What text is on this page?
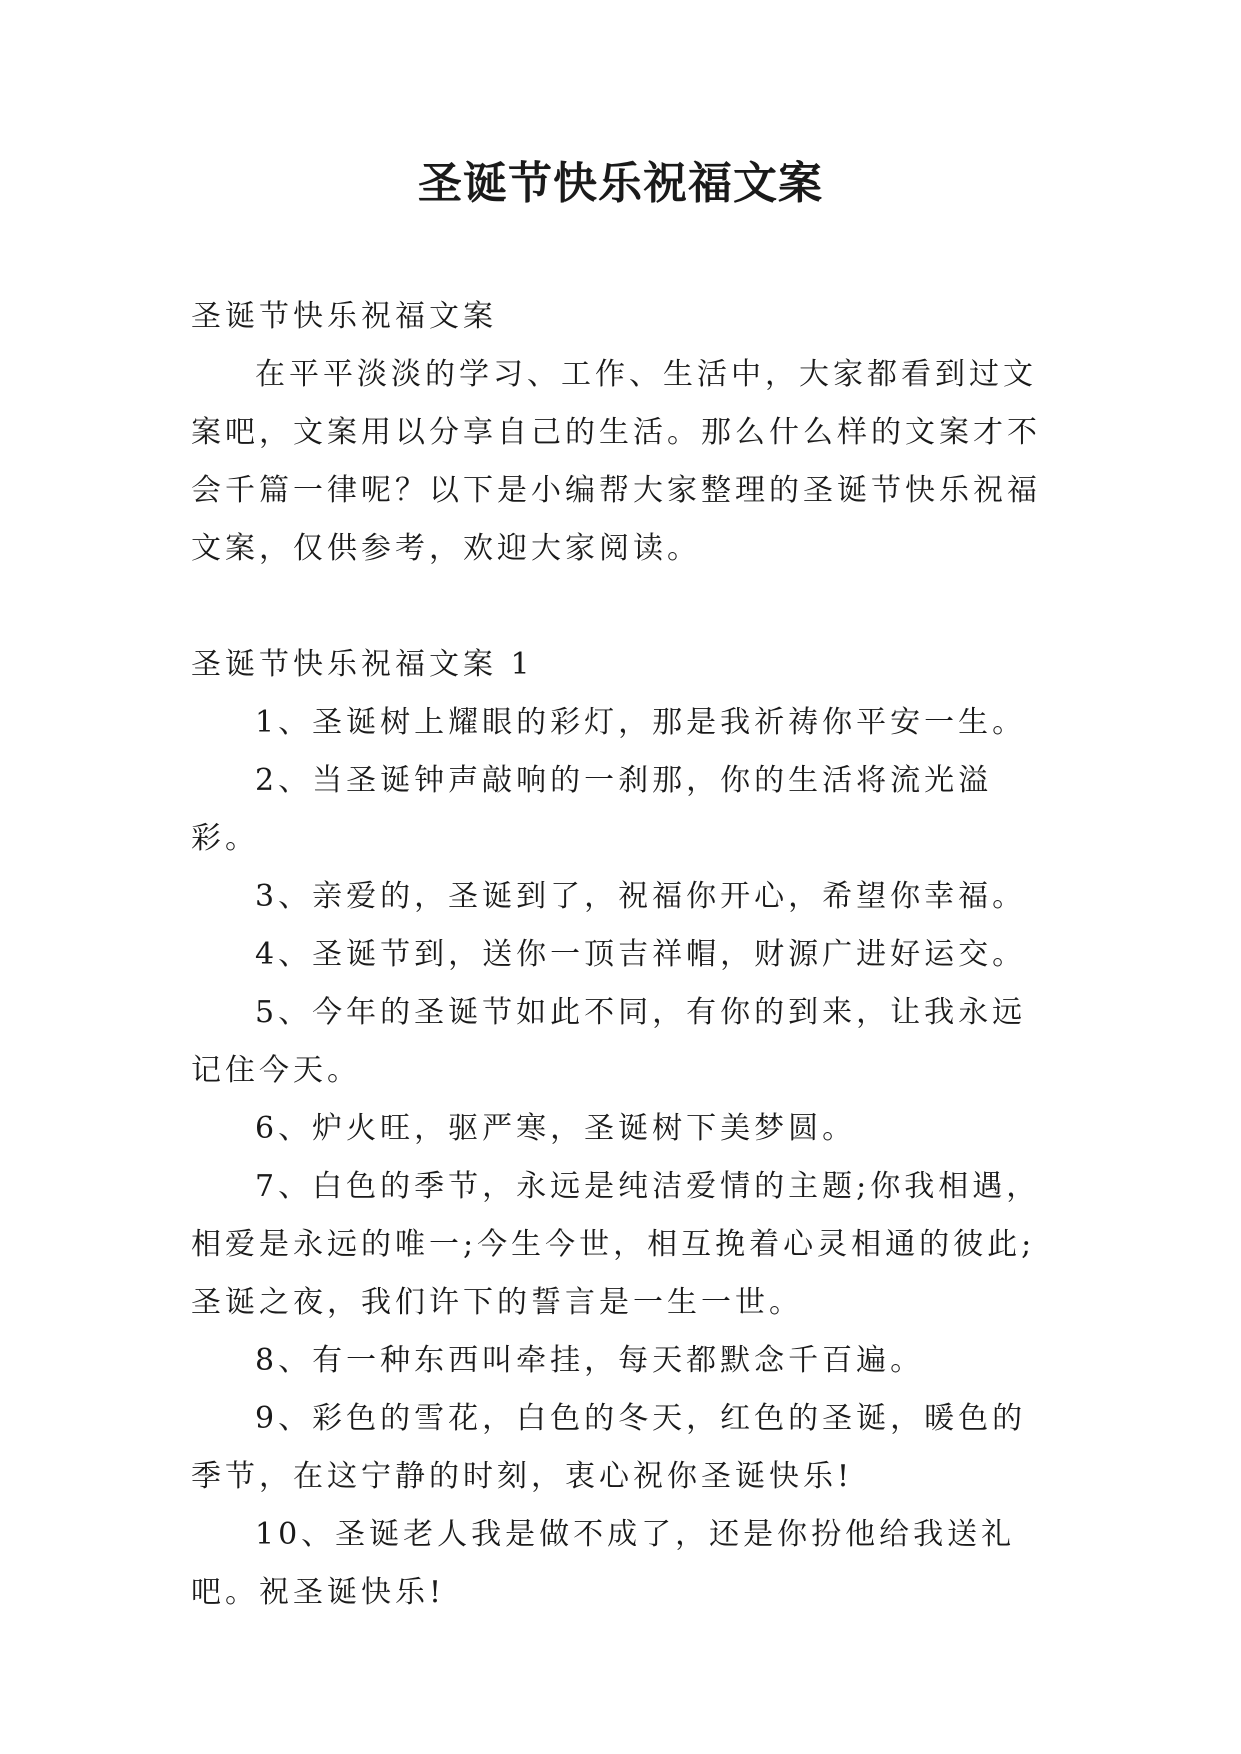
圣诞节快乐祝福文案

圣诞节快乐祝福文案

在平平淡淡的学习、工作、生活中，大家都看到过文案吧，文案用以分享自己的生活。那么什么样的文案才不会千篇一律呢？以下是小编帮大家整理的圣诞节快乐祝福文案，仅供参考，欢迎大家阅读。

圣诞节快乐祝福文案 1

1、圣诞树上耀眼的彩灯，那是我祈祷你平安一生。

2、当圣诞钟声敲响的一刹那，你的生活将流光溢彩。

3、亲爱的，圣诞到了，祝福你开心，希望你幸福。

4、圣诞节到，送你一顶吉祥帽，财源广进好运交。

5、今年的圣诞节如此不同，有你的到来，让我永远记住今天。

6、炉火旺，驱严寒，圣诞树下美梦圆。

7、白色的季节，永远是纯洁爱情的主题;你我相遇，相爱是永远的唯一;今生今世，相互挽着心灵相通的彼此;圣诞之夜，我们许下的誓言是一生一世。

8、有一种东西叫牵挂，每天都默念千百遍。

9、彩色的雪花，白色的冬天，红色的圣诞，暖色的季节，在这宁静的时刻，衷心祝你圣诞快乐!

10、圣诞老人我是做不成了，还是你扮他给我送礼吧。祝圣诞快乐!
